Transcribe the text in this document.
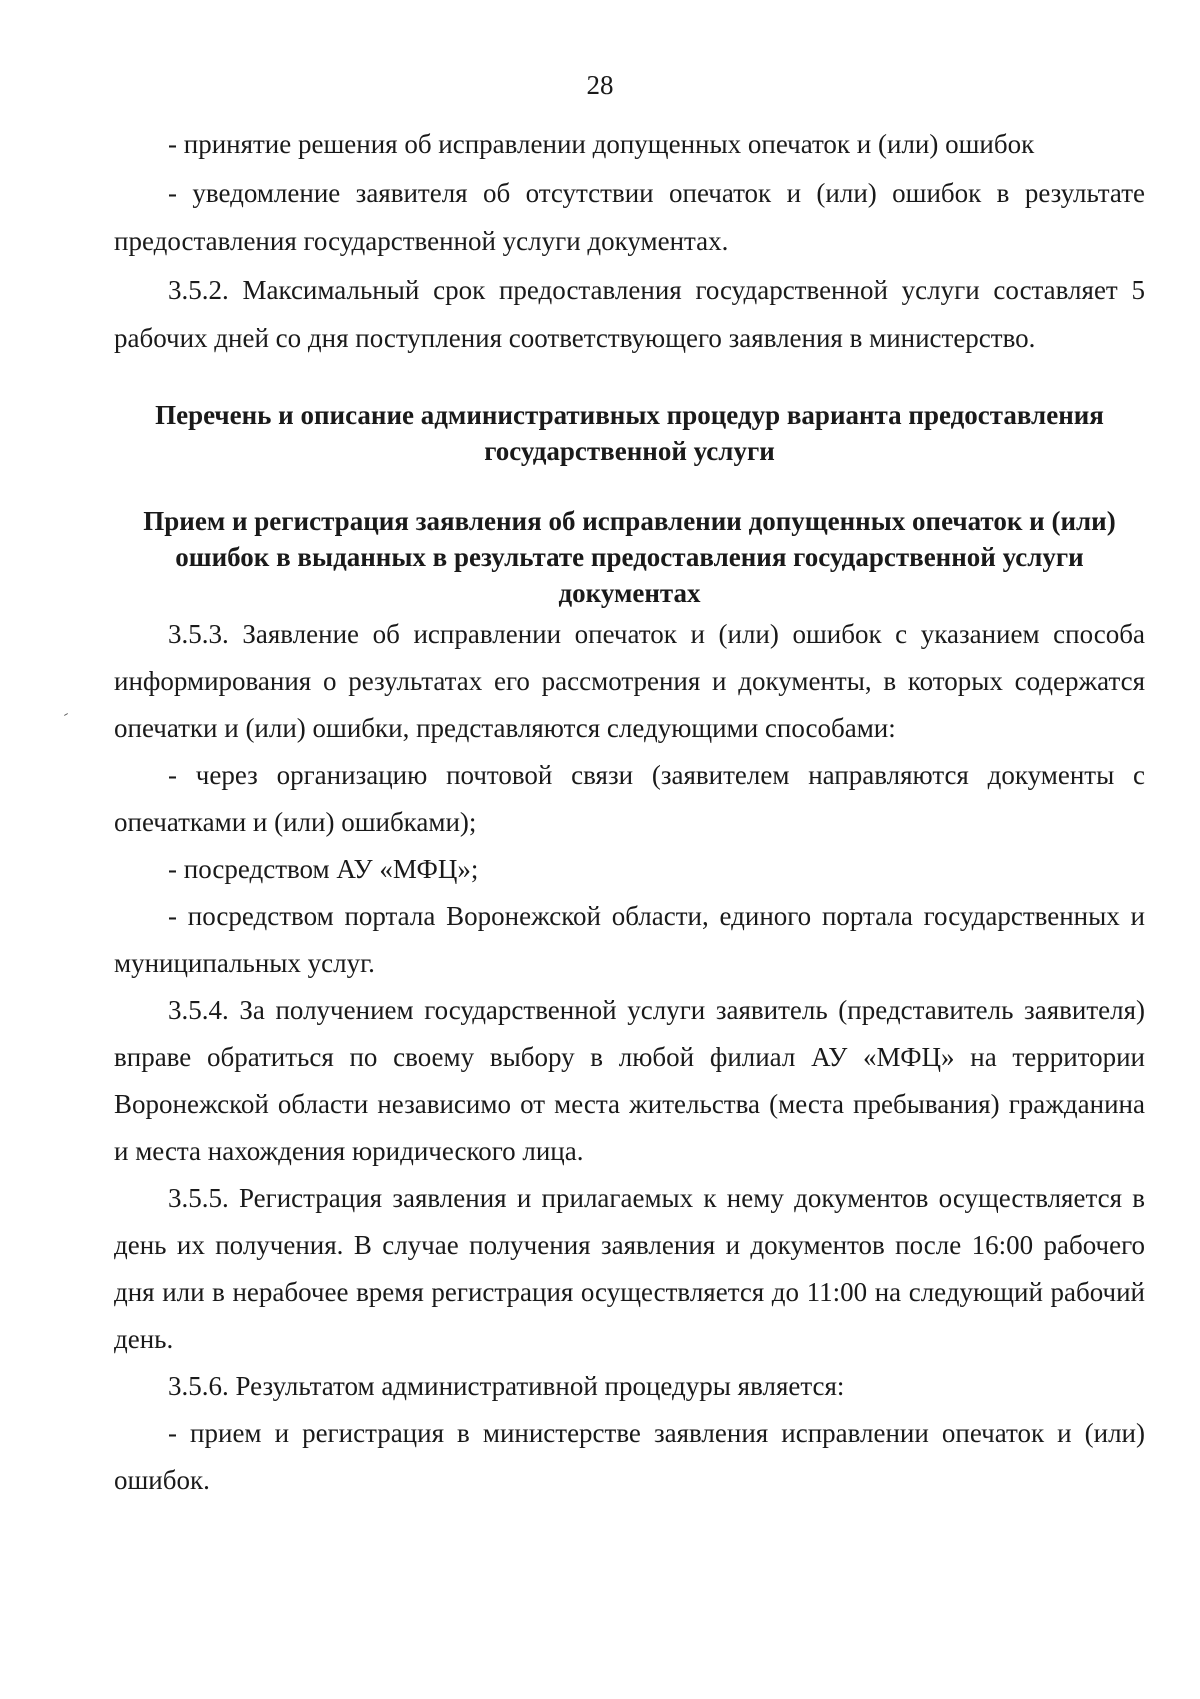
28

- принятие решения об исправлении допущенных опечаток и (или) ошибок

- уведомление заявителя об отсутствии опечаток и (или) ошибок в результате предоставления государственной услуги документах.

3.5.2. Максимальный срок предоставления государственной услуги составляет 5 рабочих дней со дня поступления соответствующего заявления в министерство.

Перечень и описание административных процедур варианта предоставления государственной услуги
Прием и регистрация заявления об исправлении допущенных опечаток и (или) ошибок в выданных в результате предоставления государственной услуги документах

3.5.3. Заявление об исправлении опечаток и (или) ошибок с указанием способа информирования о результатах его рассмотрения и документы, в которых содержатся опечатки и (или) ошибки, представляются следующими способами:

- через организацию почтовой связи (заявителем направляются документы с опечатками и (или) ошибками);

- посредством АУ «МФЦ»;

- посредством портала Воронежской области, единого портала государственных и муниципальных услуг.

3.5.4. За получением государственной услуги заявитель (представитель заявителя) вправе обратиться по своему выбору в любой филиал АУ «МФЦ» на территории Воронежской области независимо от места жительства (места пребывания) гражданина и места нахождения юридического лица.

3.5.5. Регистрация заявления и прилагаемых к нему документов осуществляется в день их получения. В случае получения заявления и документов после 16:00 рабочего дня или в нерабочее время регистрация осуществляется до 11:00 на следующий рабочий день.

3.5.6. Результатом административной процедуры является:

- прием и регистрация в министерстве заявления исправлении опечаток и (или) ошибок.
